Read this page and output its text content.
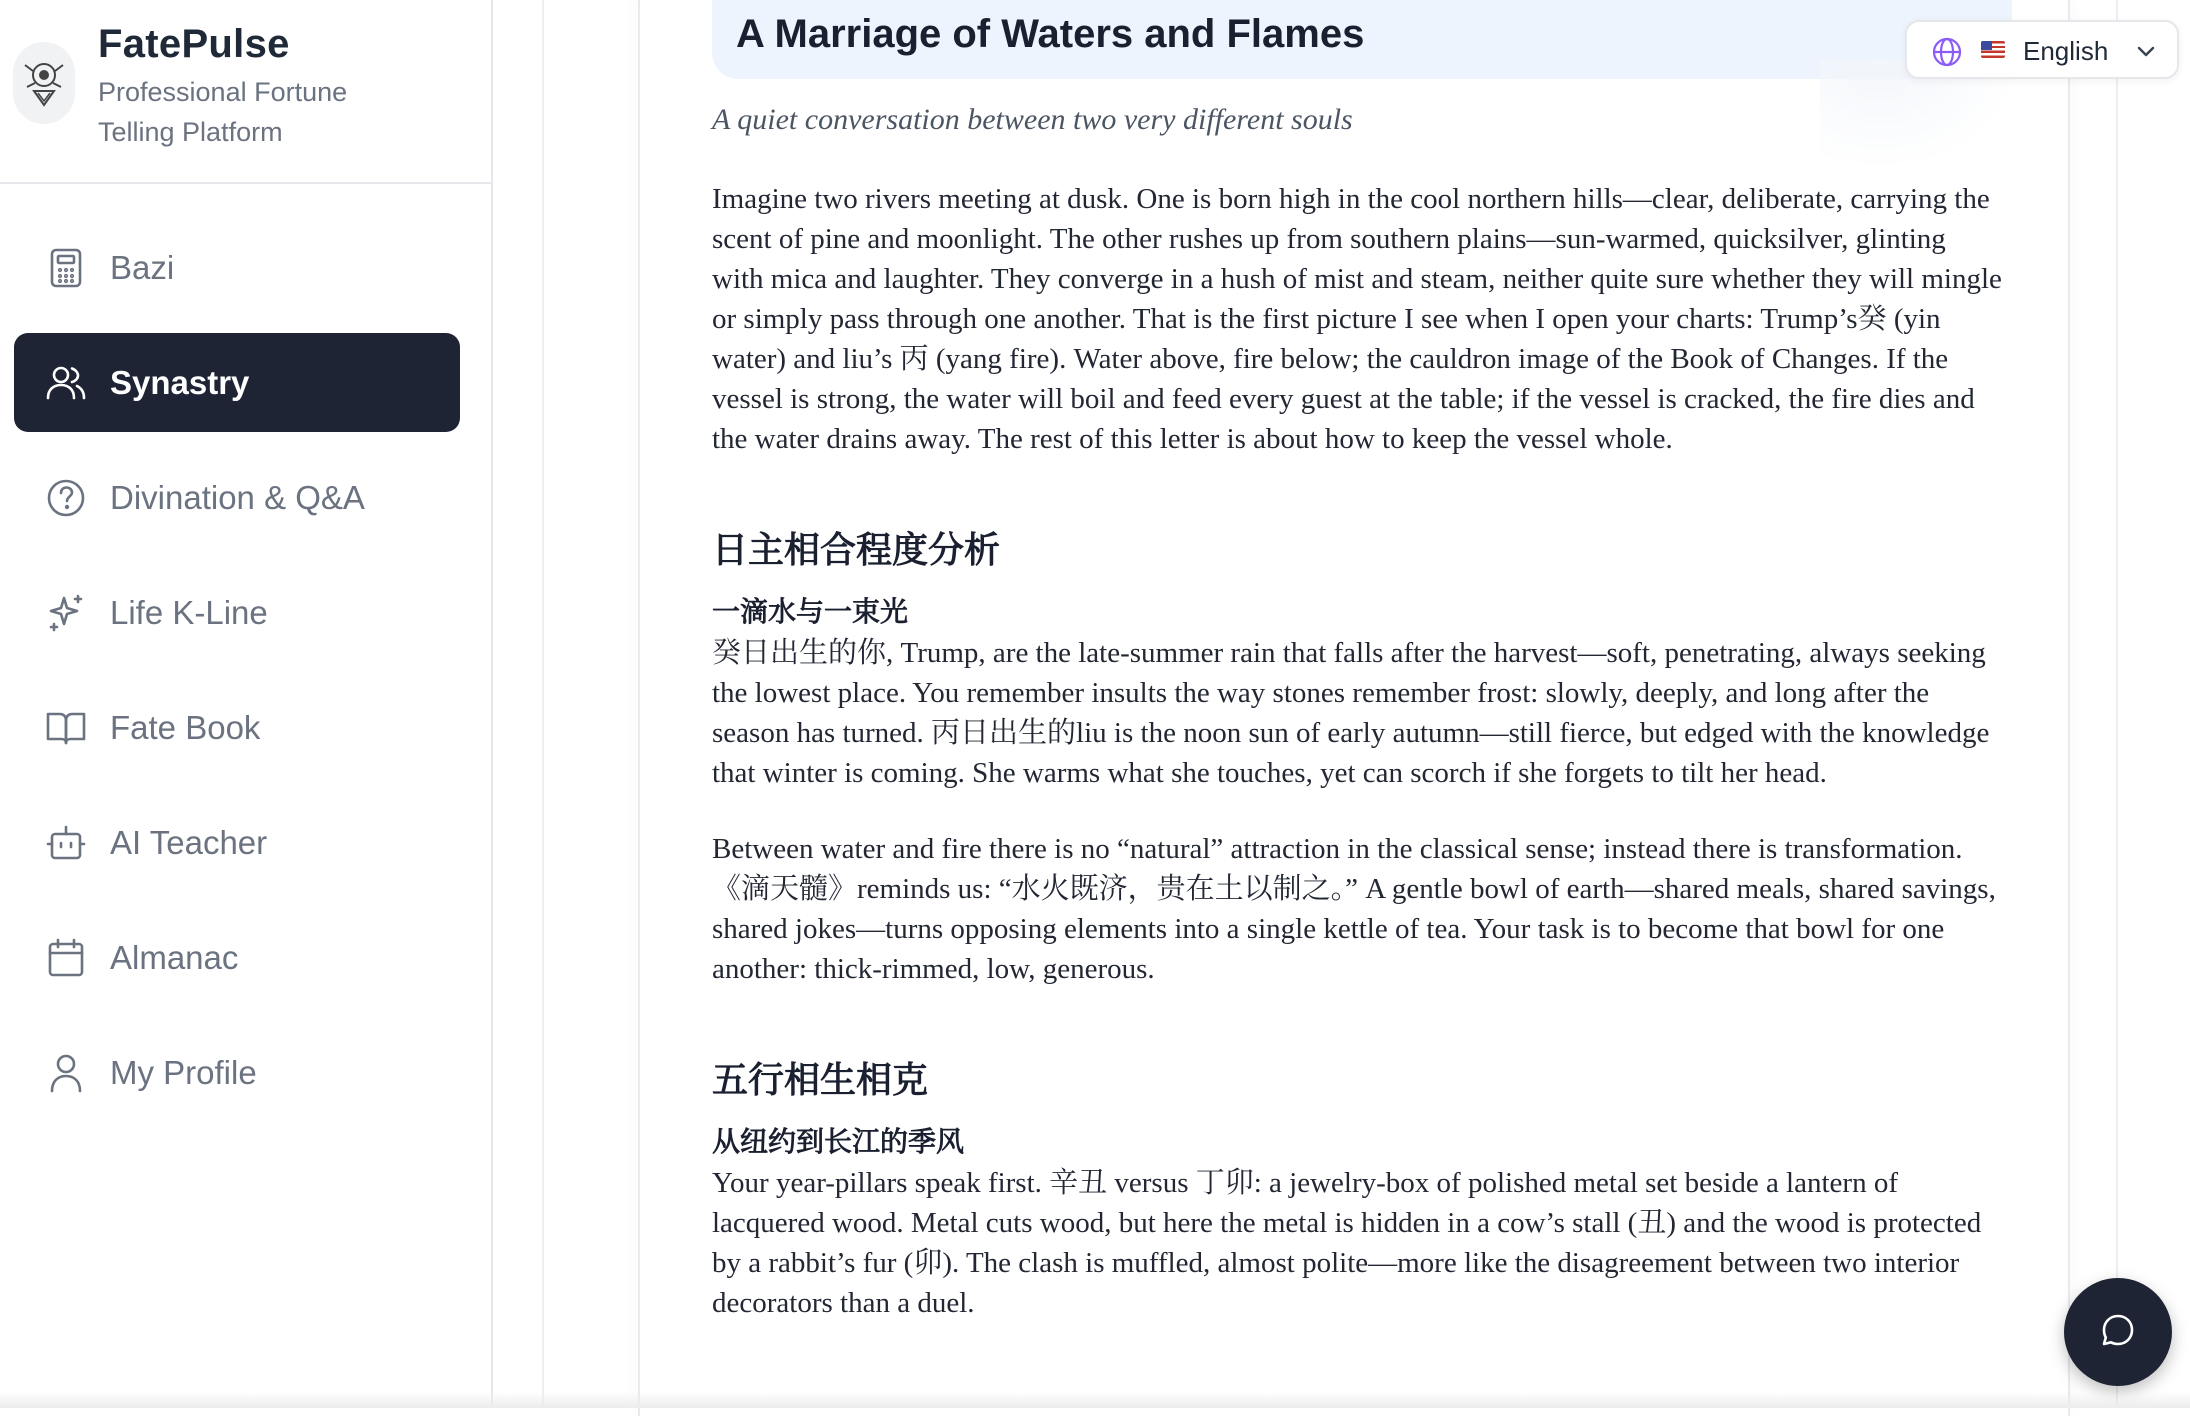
FatePulse
Professional Fortune Telling Platform
Bazi
Synastry
Divination & Q&A
Life K-Line
Fate Book
AI Teacher
Almanac
My Profile
A Marriage of Waters and Flames
A quiet conversation between two very different souls

Imagine two rivers meeting at dusk. One is born high in the cool northern hills—clear, deliberate, carrying the scent of pine and moonlight. The other rushes up from southern plains—sun-warmed, quicksilver, glinting with mica and laughter. They converge in a hush of mist and steam, neither quite sure whether they will mingle or simply pass through one another. That is the first picture I see when I open your charts: Trump’s癸 (yin water) and liu’s 丙 (yang fire). Water above, fire below; the cauldron image of the Book of Changes. If the vessel is strong, the water will boil and feed every guest at the table; if the vessel is cracked, the fire dies and the water drains away. The rest of this letter is about how to keep the vessel whole.

日主相合程度分析
一滴水与一束光

癸日出生的你, Trump, are the late-summer rain that falls after the harvest—soft, penetrating, always seeking the lowest place. You remember insults the way stones remember frost: slowly, deeply, and long after the season has turned. 丙日出生的liu is the noon sun of early autumn—still fierce, but edged with the knowledge that winter is coming. She warms what she touches, yet can scorch if she forgets to tilt her head.

Between water and fire there is no “natural” attraction in the classical sense; instead there is transformation. 《滴天髓》reminds us: “水火既济，贵在土以制之。” A gentle bowl of earth—shared meals, shared savings, shared jokes—turns opposing elements into a single kettle of tea. Your task is to become that bowl for one another: thick-rimmed, low, generous.

五行相生相克
从纽约到长江的季风

Your year-pillars speak first. 辛丑 versus 丁卯: a jewelry-box of polished metal set beside a lantern of lacquered wood. Metal cuts wood, but here the metal is hidden in a cow’s stall (丑) and the wood is protected by a rabbit’s fur (卯). The clash is muffled, almost polite—more like the disagreement between two interior decorators than a duel.

English
